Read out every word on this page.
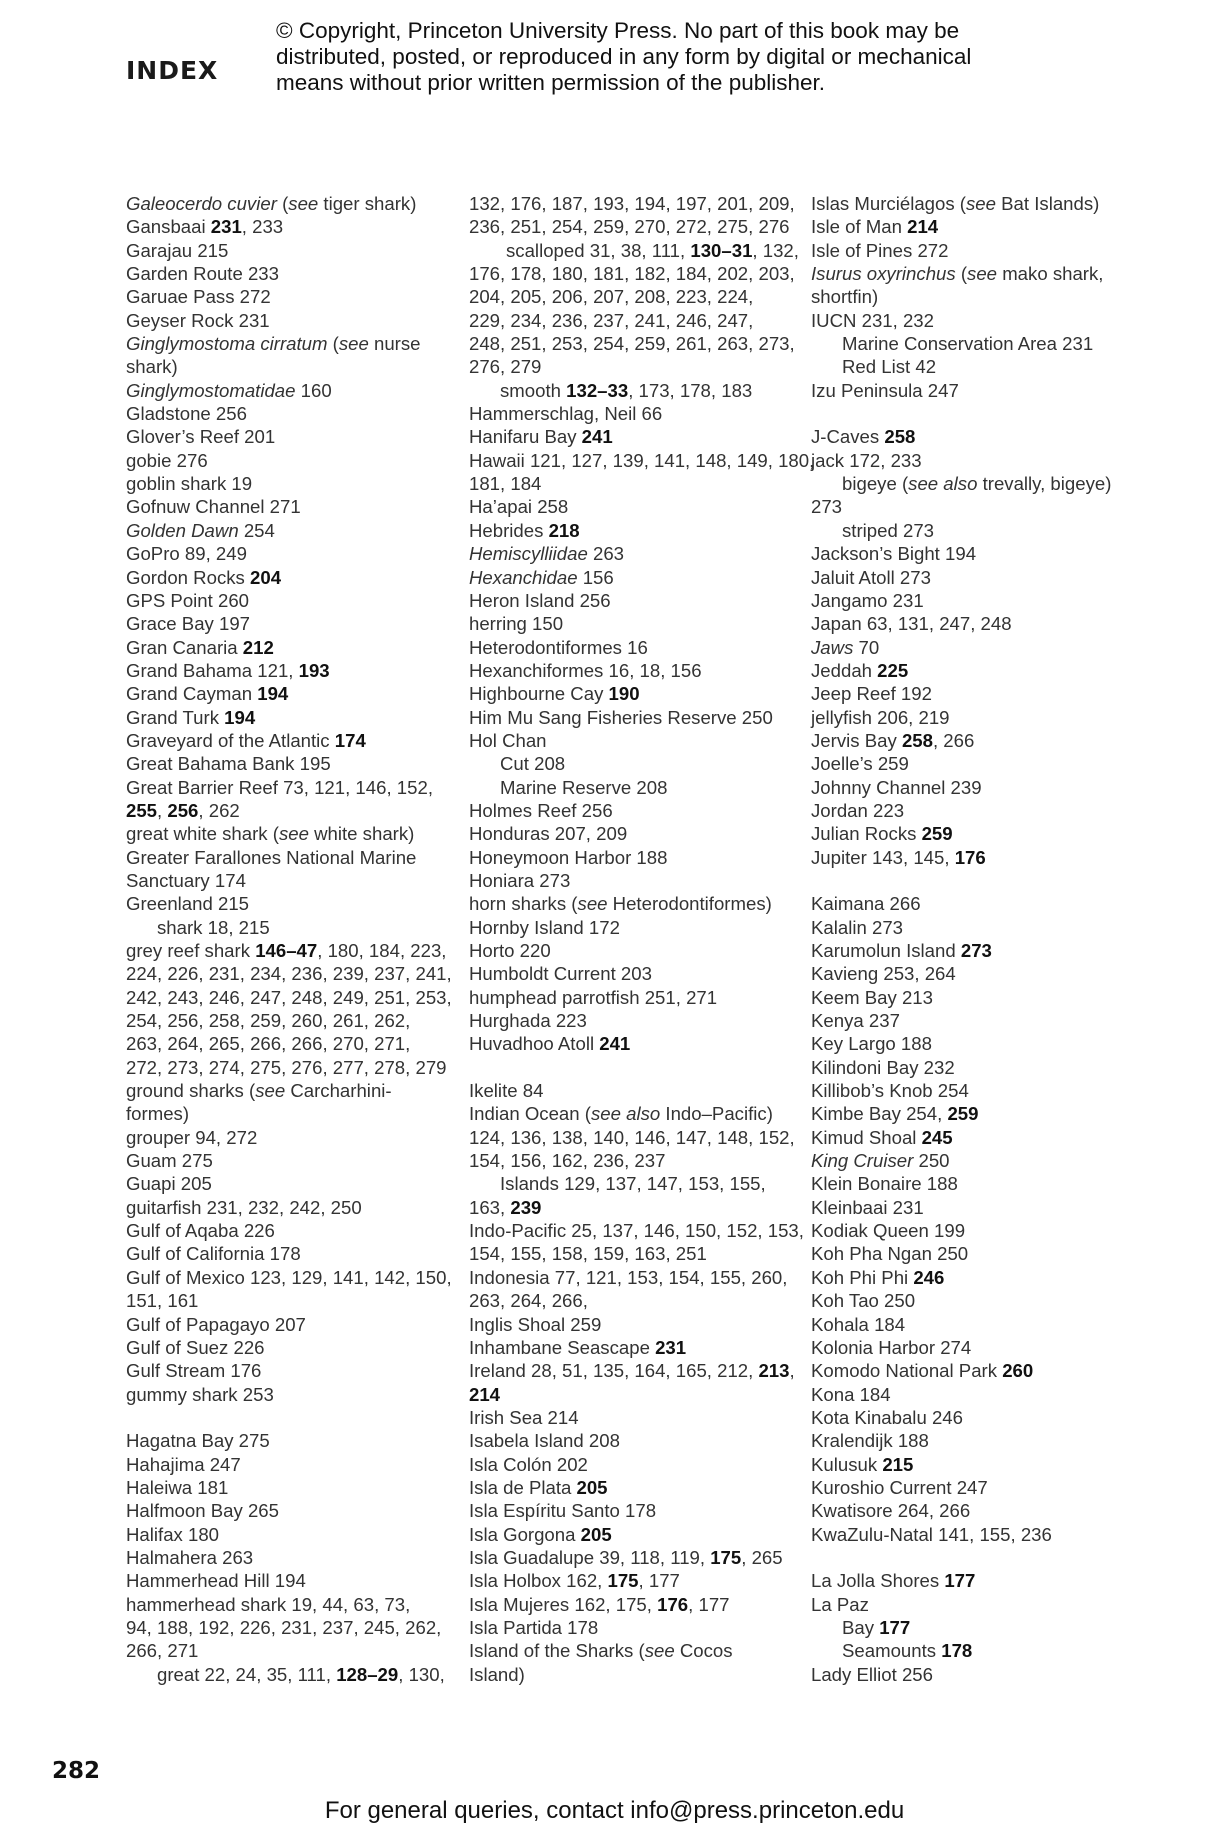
INDEX
© Copyright, Princeton University Press. No part of this book may be
distributed, posted, or reproduced in any form by digital or mechanical
means without prior written permission of the publisher.
Galeocerdo cuvier (see tiger shark)
Gansbaai 231, 233
Garajau 215
Garden Route 233
Garuae Pass 272
Geyser Rock 231
Ginglymostoma cirratum (see nurse
shark)
Ginglymostomatidae 160
Gladstone 256
Glover’s Reef 201
gobie 276
goblin shark 19
Gofnuw Channel 271
Golden Dawn 254
GoPro 89, 249
Gordon Rocks 204
GPS Point 260
Grace Bay 197
Gran Canaria 212
Grand Bahama 121, 193
Grand Cayman 194
Grand Turk 194
Graveyard of the Atlantic 174
Great Bahama Bank 195
Great Barrier Reef 73, 121, 146, 152,
255, 256, 262
great white shark (see white shark)
Greater Farallones National Marine
Sanctuary 174
Greenland 215
shark 18, 215
grey reef shark 146–47, 180, 184, 223,
224, 226, 231, 234, 236, 239, 237, 241,
242, 243, 246, 247, 248, 249, 251, 253,
254, 256, 258, 259, 260, 261, 262,
263, 264, 265, 266, 266, 270, 271,
272, 273, 274, 275, 276, 277, 278, 279
ground sharks (see Carcharhini-
formes)
grouper 94, 272
Guam 275
Guapi 205
guitarfish 231, 232, 242, 250
Gulf of Aqaba 226
Gulf of California 178
Gulf of Mexico 123, 129, 141, 142, 150,
151, 161
Gulf of Papagayo 207
Gulf of Suez 226
Gulf Stream 176
gummy shark 253
Hagatna Bay 275
Hahajima 247
Haleiwa 181
Halfmoon Bay 265
Halifax 180
Halmahera 263
Hammerhead Hill 194
hammerhead shark 19, 44, 63, 73,
94, 188, 192, 226, 231, 237, 245, 262,
266, 271
great 22, 24, 35, 111, 128–29, 130,
132, 176, 187, 193, 194, 197, 201, 209,
236, 251, 254, 259, 270, 272, 275, 276
scalloped 31, 38, 111, 130–31, 132,
176, 178, 180, 181, 182, 184, 202, 203,
204, 205, 206, 207, 208, 223, 224,
229, 234, 236, 237, 241, 246, 247,
248, 251, 253, 254, 259, 261, 263, 273,
276, 279
smooth 132–33, 173, 178, 183
Hammerschlag, Neil 66
Hanifaru Bay 241
Hawaii 121, 127, 139, 141, 148, 149, 180,
181, 184
Ha’apai 258
Hebrides 218
Hemiscylliidae 263
Hexanchidae 156
Heron Island 256
herring 150
Heterodontiformes 16
Hexanchiformes 16, 18, 156
Highbourne Cay 190
Him Mu Sang Fisheries Reserve 250
Hol Chan
Cut 208
Marine Reserve 208
Holmes Reef 256
Honduras 207, 209
Honeymoon Harbor 188
Honiara 273
horn sharks (see Heterodontiformes)
Hornby Island 172
Horto 220
Humboldt Current 203
humphead parrotfish 251, 271
Hurghada 223
Huvadhoo Atoll 241
Ikelite 84
Indian Ocean (see also Indo–Pacific)
124, 136, 138, 140, 146, 147, 148, 152,
154, 156, 162, 236, 237
Islands 129, 137, 147, 153, 155,
163, 239
Indo-Pacific 25, 137, 146, 150, 152, 153,
154, 155, 158, 159, 163, 251
Indonesia 77, 121, 153, 154, 155, 260,
263, 264, 266,
Inglis Shoal 259
Inhambane Seascape 231
Ireland 28, 51, 135, 164, 165, 212, 213,
214
Irish Sea 214
Isabela Island 208
Isla Colón 202
Isla de Plata 205
Isla Espíritu Santo 178
Isla Gorgona 205
Isla Guadalupe 39, 118, 119, 175, 265
Isla Holbox 162, 175, 177
Isla Mujeres 162, 175, 176, 177
Isla Partida 178
Island of the Sharks (see Cocos
Island)
Islas Murciélagos (see Bat Islands)
Isle of Man 214
Isle of Pines 272
Isurus oxyrinchus (see mako shark,
shortfin)
IUCN 231, 232
Marine Conservation Area 231
Red List 42
Izu Peninsula 247
J-Caves 258
jack 172, 233
bigeye (see also trevally, bigeye)
273
striped 273
Jackson’s Bight 194
Jaluit Atoll 273
Jangamo 231
Japan 63, 131, 247, 248
Jaws 70
Jeddah 225
Jeep Reef 192
jellyfish 206, 219
Jervis Bay 258, 266
Joelle’s 259
Johnny Channel 239
Jordan 223
Julian Rocks 259
Jupiter 143, 145, 176
Kaimana 266
Kalalin 273
Karumolun Island 273
Kavieng 253, 264
Keem Bay 213
Kenya 237
Key Largo 188
Kilindoni Bay 232
Killibob’s Knob 254
Kimbe Bay 254, 259
Kimud Shoal 245
King Cruiser 250
Klein Bonaire 188
Kleinbaai 231
Kodiak Queen 199
Koh Pha Ngan 250
Koh Phi Phi 246
Koh Tao 250
Kohala 184
Kolonia Harbor 274
Komodo National Park 260
Kona 184
Kota Kinabalu 246
Kralendijk 188
Kulusuk 215
Kuroshio Current 247
Kwatisore 264, 266
KwaZulu-Natal 141, 155, 236
La Jolla Shores 177
La Paz
Bay 177
Seamounts 178
Lady Elliot 256
282
For general queries, contact info@press.princeton.edu
